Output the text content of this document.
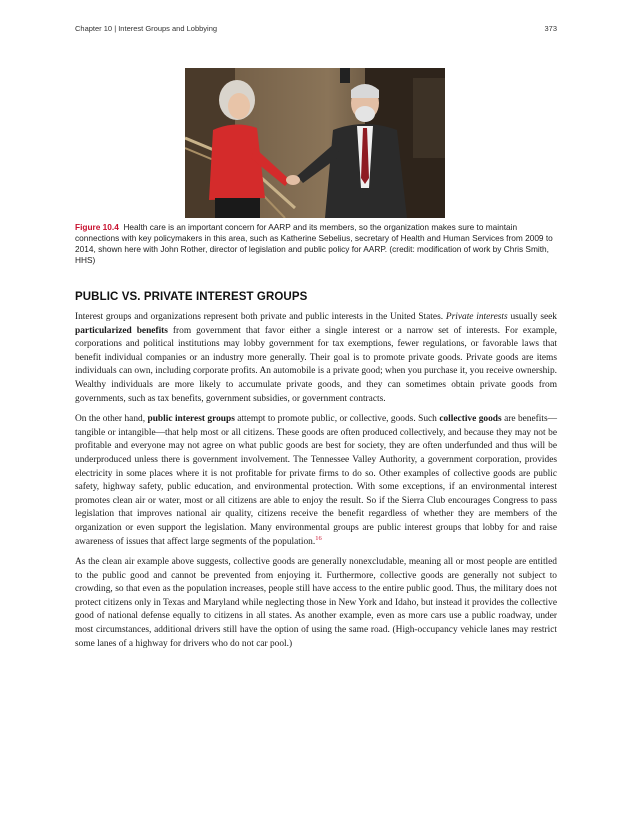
Chapter 10 | Interest Groups and Lobbying	373
Figure 10.4 Health care is an important concern for AARP and its members, so the organization makes sure to maintain connections with key policymakers in this area, such as Katherine Sebelius, secretary of Health and Human Services from 2009 to 2014, shown here with John Rother, director of legislation and public policy for AARP. (credit: modification of work by Chris Smith, HHS)
PUBLIC VS. PRIVATE INTEREST GROUPS

Interest groups and organizations represent both private and public interests in the United States. Private interests usually seek particularized benefits from government that favor either a single interest or a narrow set of interests. For example, corporations and political institutions may lobby government for tax exemptions, fewer regulations, or favorable laws that benefit individual companies or an industry more generally. Their goal is to promote private goods. Private goods are items individuals can own, including corporate profits. An automobile is a private good; when you purchase it, you receive ownership. Wealthy individuals are more likely to accumulate private goods, and they can sometimes obtain private goods from governments, such as tax benefits, government subsidies, or government contracts.

On the other hand, public interest groups attempt to promote public, or collective, goods. Such collective goods are benefits—tangible or intangible—that help most or all citizens. These goods are often produced collectively, and because they may not be profitable and everyone may not agree on what public goods are best for society, they are often underfunded and thus will be underproduced unless there is government involvement. The Tennessee Valley Authority, a government corporation, provides electricity in some places where it is not profitable for private firms to do so. Other examples of collective goods are public safety, highway safety, public education, and environmental protection. With some exceptions, if an environmental interest promotes clean air or water, most or all citizens are able to enjoy the result. So if the Sierra Club encourages Congress to pass legislation that improves national air quality, citizens receive the benefit regardless of whether they are members of the organization or even support the legislation. Many environmental groups are public interest groups that lobby for and raise awareness of issues that affect large segments of the population.$^{16}$

As the clean air example above suggests, collective goods are generally nonexcludable, meaning all or most people are entitled to the public good and cannot be prevented from enjoying it. Furthermore, collective goods are generally not subject to crowding, so that even as the population increases, people still have access to the entire public good. Thus, the military does not protect citizens only in Texas and Maryland while neglecting those in New York and Idaho, but instead it provides the collective good of national defense equally to citizens in all states. As another example, even as more cars use a public roadway, under most circumstances, additional drivers still have the option of using the same road. (High-occupancy vehicle lanes may restrict some lanes of a highway for drivers who do not car pool.)
